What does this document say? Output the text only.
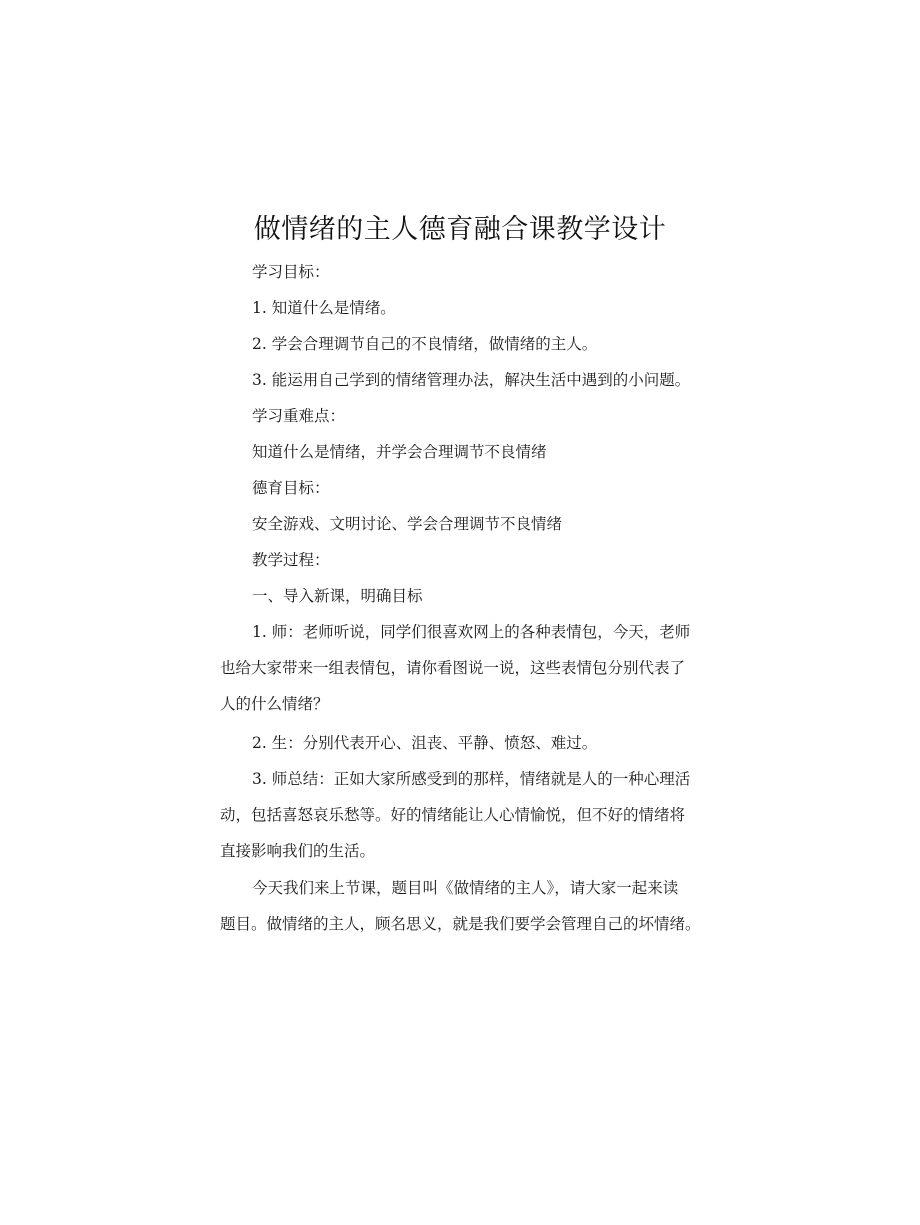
做情绪的主人德育融合课教学设计
学习目标：
1. 知道什么是情绪。
2. 学会合理调节自己的不良情绪，做情绪的主人。
3. 能运用自己学到的情绪管理办法，解决生活中遇到的小问题。
学习重难点：
知道什么是情绪，并学会合理调节不良情绪
德育目标：
安全游戏、文明讨论、学会合理调节不良情绪
教学过程：
一、导入新课，明确目标
1. 师：老师听说，同学们很喜欢网上的各种表情包，今天，老师
也给大家带来一组表情包，请你看图说一说，这些表情包分别代表了
人的什么情绪？
2. 生：分别代表开心、沮丧、平静、愤怒、难过。
3. 师总结：正如大家所感受到的那样，情绪就是人的一种心理活
动，包括喜怒哀乐愁等。好的情绪能让人心情愉悦，但不好的情绪将
直接影响我们的生活。
今天我们来上节课，题目叫《做情绪的主人》，请大家一起来读
题目。做情绪的主人，顾名思义，就是我们要学会管理自己的坏情绪。
